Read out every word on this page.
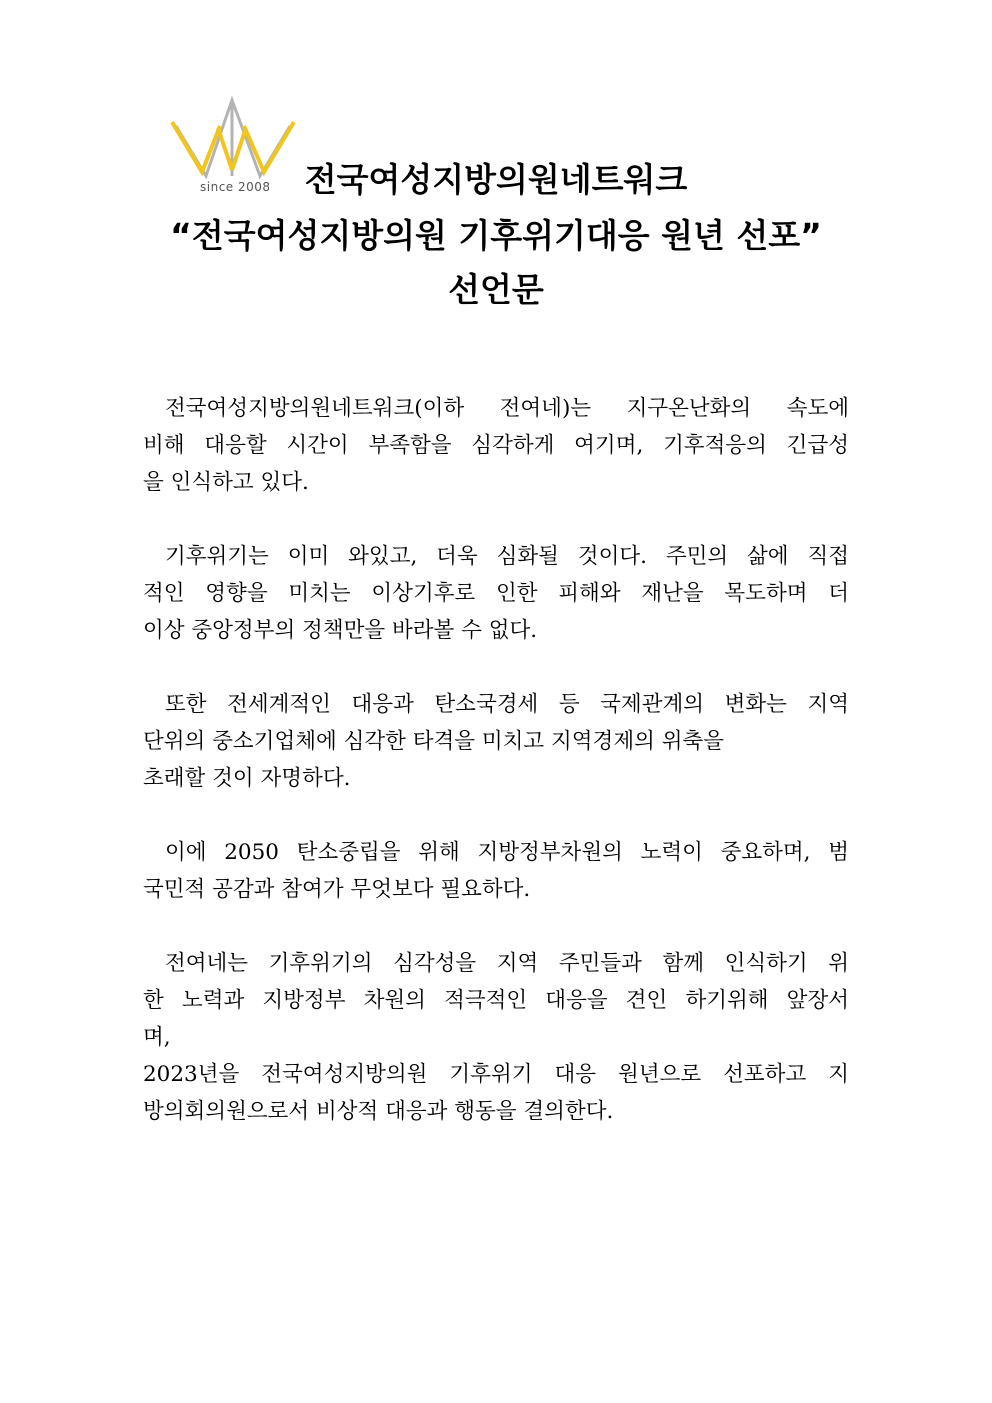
since 2008	전국여성지방의원네트워크
“전국여성지방의원 기후위기대응 원년 선포”
선언문

전국여성지방의원네트워크(이하 전여네)는 지구온난화의 속도에
비해 대응할 시간이 부족함을 심각하게 여기며, 기후적응의 긴급성
을 인식하고 있다.

기후위기는 이미 와있고, 더욱 심화될 것이다. 주민의 삶에 직접
적인 영향을 미치는 이상기후로 인한 피해와 재난을 목도하며 더
이상 중앙정부의 정책만을 바라볼 수 없다.

또한 전세계적인 대응과 탄소국경세 등 국제관계의 변화는 지역
단위의 중소기업체에 심각한 타격을 미치고 지역경제의 위축을
초래할 것이 자명하다.

이에 2050 탄소중립을 위해 지방정부차원의 노력이 중요하며, 범
국민적 공감과 참여가 무엇보다 필요하다.

전여네는 기후위기의 심각성을 지역 주민들과 함께 인식하기 위
한 노력과 지방정부 차원의 적극적인 대응을 견인 하기위해 앞장서
며,
2023년을 전국여성지방의원 기후위기 대응 원년으로 선포하고 지
방의회의원으로서 비상적 대응과 행동을 결의한다.
